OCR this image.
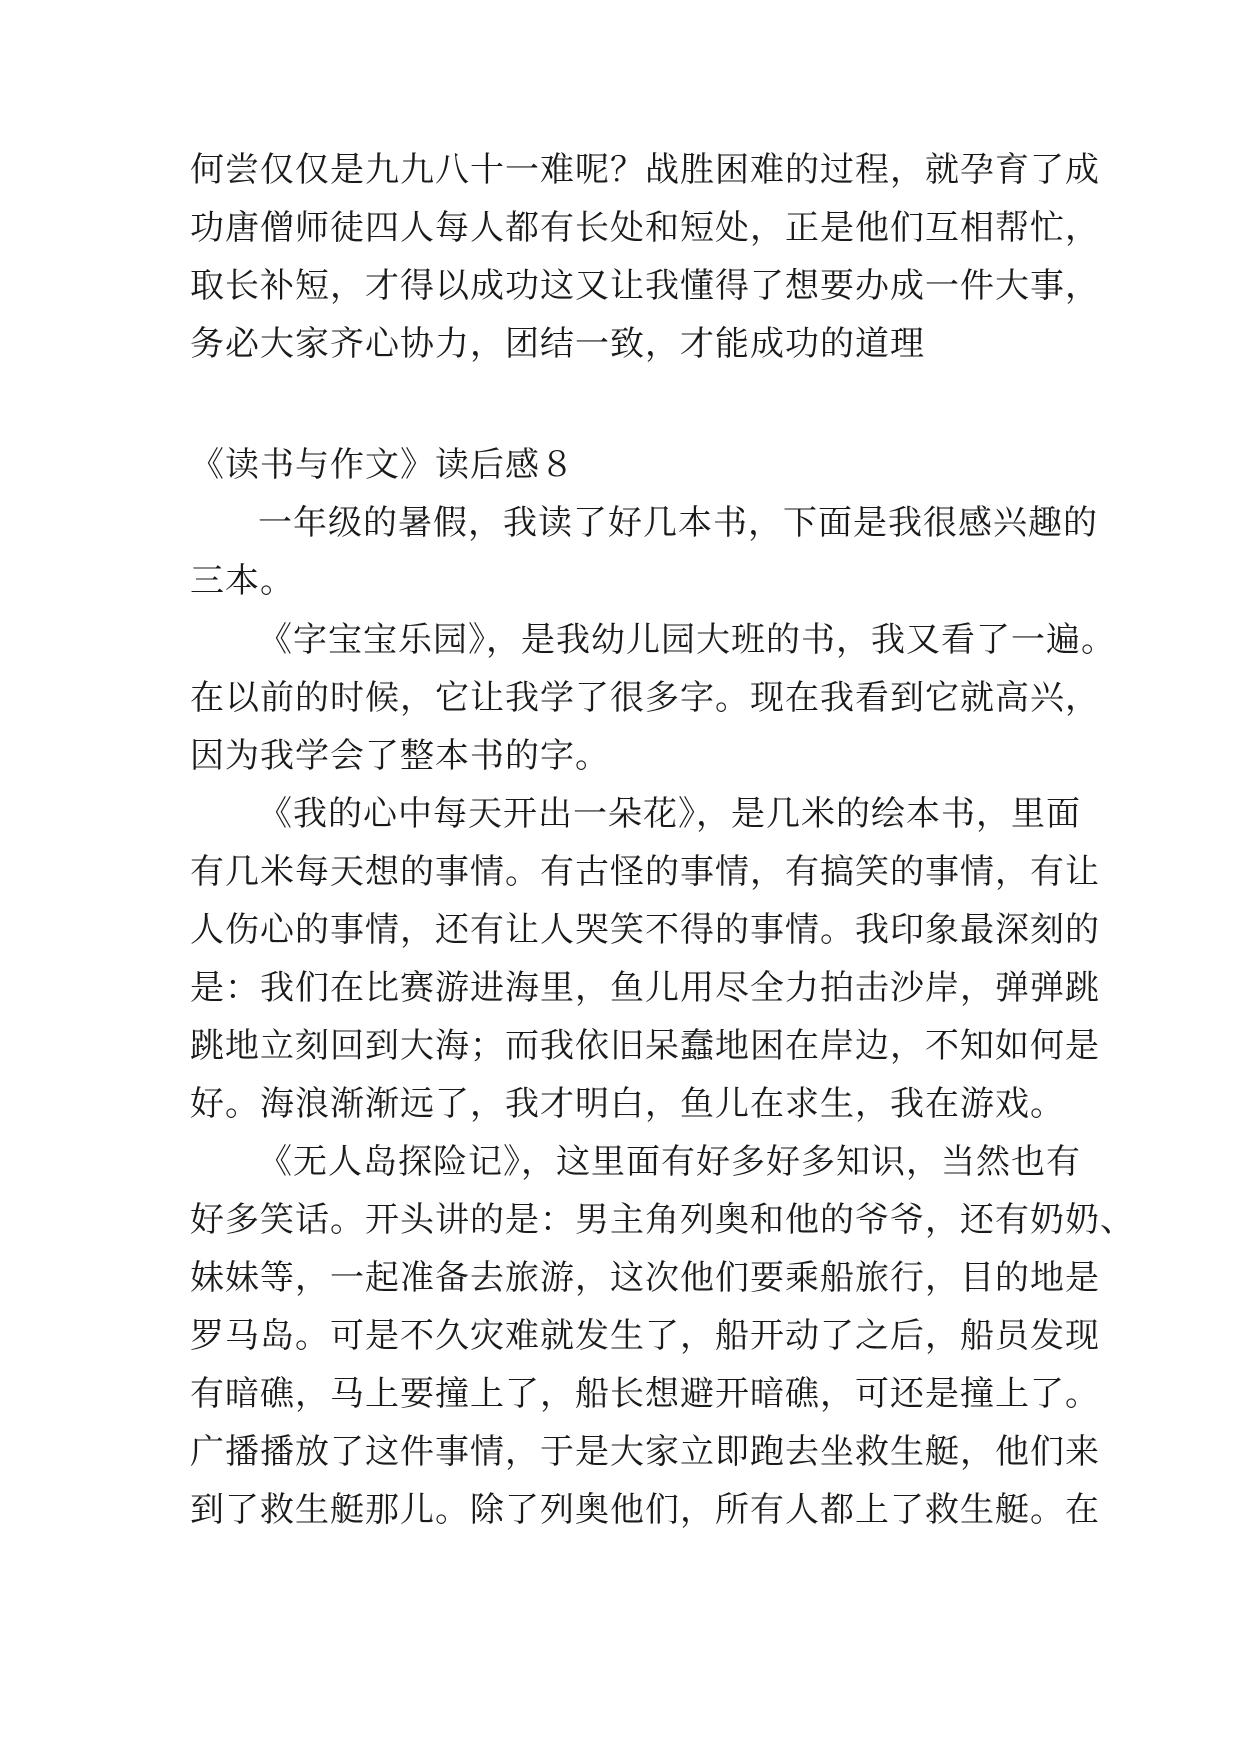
何尝仅仅是九九八十一难呢？战胜困难的过程，就孕育了成
功唐僧师徒四人每人都有长处和短处，正是他们互相帮忙，
取长补短，才得以成功这又让我懂得了想要办成一件大事，
务必大家齐心协力，团结一致，才能成功的道理
《读书与作文》读后感８
一年级的暑假，我读了好几本书，下面是我很感兴趣的
三本。
《字宝宝乐园》，是我幼儿园大班的书，我又看了一遍。
在以前的时候，它让我学了很多字。现在我看到它就高兴，
因为我学会了整本书的字。
《我的心中每天开出一朵花》，是几米的绘本书，里面
有几米每天想的事情。有古怪的事情，有搞笑的事情，有让
人伤心的事情，还有让人哭笑不得的事情。我印象最深刻的
是：我们在比赛游进海里，鱼儿用尽全力拍击沙岸，弹弹跳
跳地立刻回到大海；而我依旧呆蠢地困在岸边，不知如何是
好。海浪渐渐远了，我才明白，鱼儿在求生，我在游戏。
《无人岛探险记》，这里面有好多好多知识，当然也有
好多笑话。开头讲的是：男主角列奥和他的爷爷，还有奶奶、
妹妹等，一起准备去旅游，这次他们要乘船旅行，目的地是
罗马岛。可是不久灾难就发生了，船开动了之后，船员发现
有暗礁，马上要撞上了，船长想避开暗礁，可还是撞上了。
广播播放了这件事情，于是大家立即跑去坐救生艇，他们来
到了救生艇那儿。除了列奥他们，所有人都上了救生艇。在
